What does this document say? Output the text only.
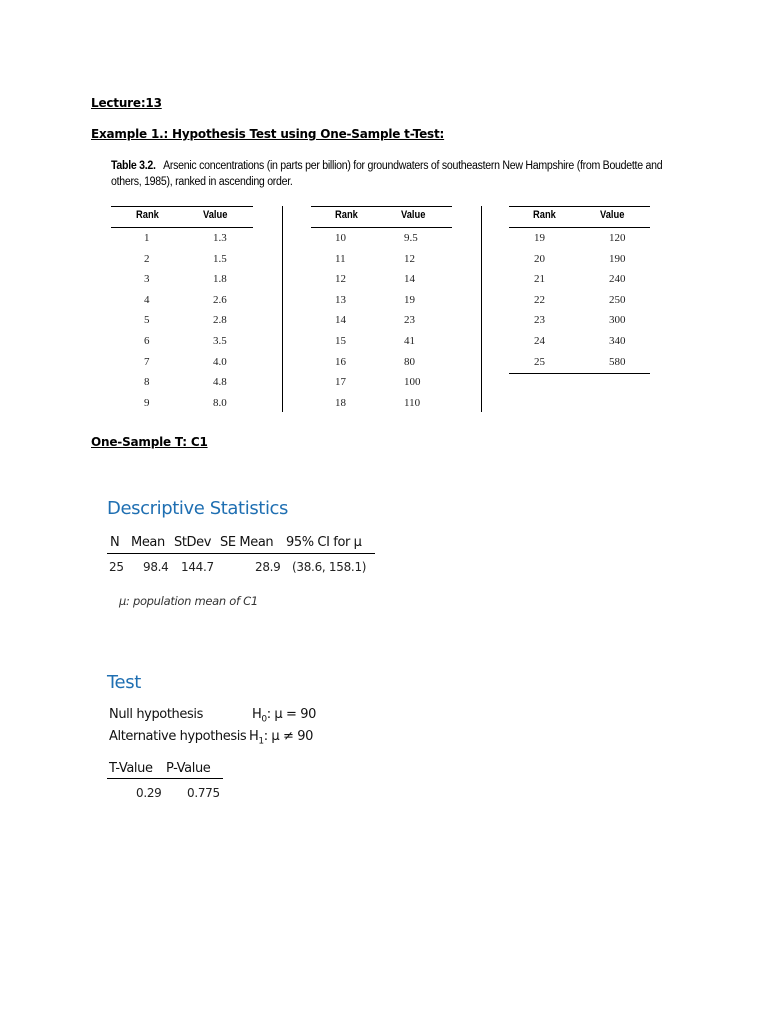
Lecture:13
Example 1.: Hypothesis Test using One-Sample t-Test:
Table 3.2. Arsenic concentrations (in parts per billion) for groundwaters of southeastern New Hampshire (from Boudette and others, 1985), ranked in ascending order.
Rank	Value
1	1.3
2	1.5
3	1.8
4	2.6
5	2.8
6	3.5
7	4.0
8	4.8
9	8.0
Rank	Value
10	9.5
11	12
12	14
13	19
14	23
15	41
16	80
17	100
18	110
Rank	Value
19	120
20	190
21	240
22	250
23	300
24	340
25	580
One-Sample T: C1
Descriptive Statistics
N Mean StDev SE Mean 95% CI for μ
25 98.4 144.7	28.9 (38.6, 158.1)
μ: population mean of C1
Test
Null hypothesis	$H_0$: μ = 90
Alternative hypothesis $H_1$: μ ≠ 90
T-Value P-Value
0.29 0.775
